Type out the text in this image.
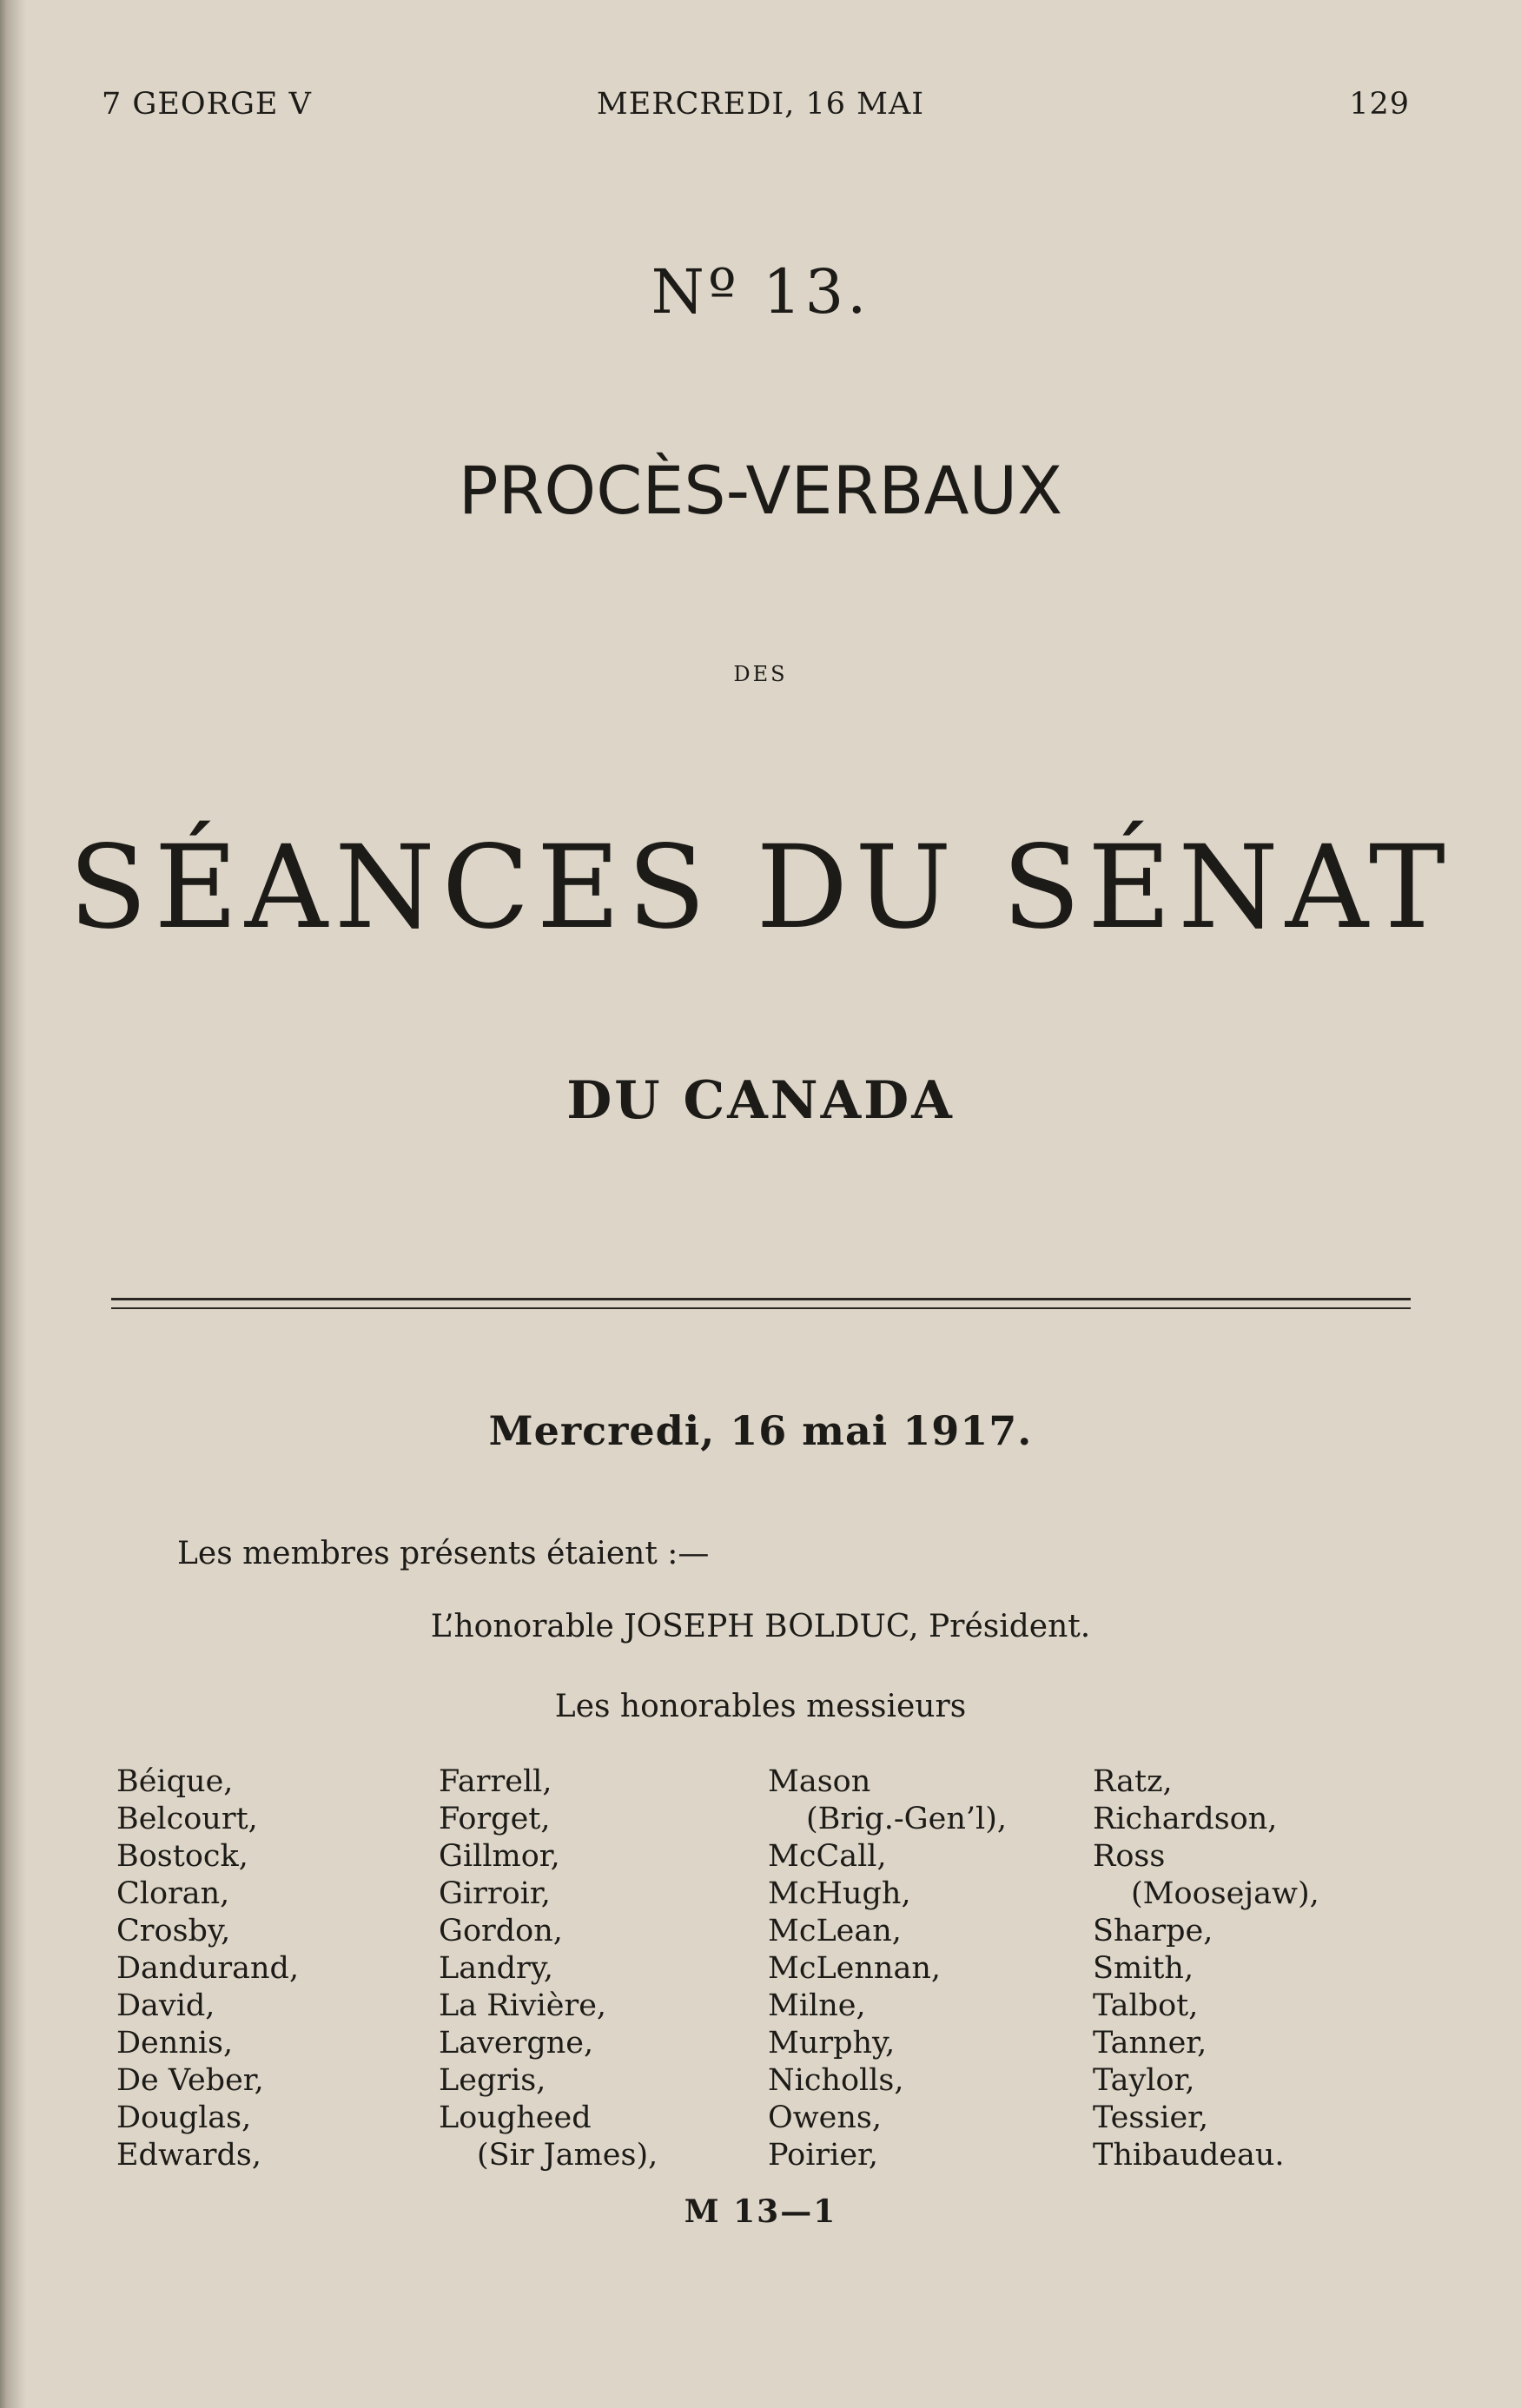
7 GEORGE V	MERCREDI, 16 MAI	129
Nº 13.
PROCÈS-VERBAUX
DES
SÉANCES DU SÉNAT
DU CANADA
Mercredi, 16 mai 1917.
Les membres présents étaient :—
L’honorable JOSEPH BOLDUC, Président.
Les honorables messieurs
Béique,
Belcourt,
Bostock,
Cloran,
Crosby,
Dandurand,
David,
Dennis,
De Veber,
Douglas,
Edwards,
Farrell,
Forget,
Gillmor,
Girroir,
Gordon,
Landry,
La Rivière,
Lavergne,
Legris,
Lougheed
(Sir James),
Mason
(Brig.-Gen’l),
McCall,
McHugh,
McLean,
McLennan,
Milne,
Murphy,
Nicholls,
Owens,
Poirier,
Ratz,
Richardson,
Ross
(Moosejaw),
Sharpe,
Smith,
Talbot,
Tanner,
Taylor,
Tessier,
Thibaudeau.
M 13—1
